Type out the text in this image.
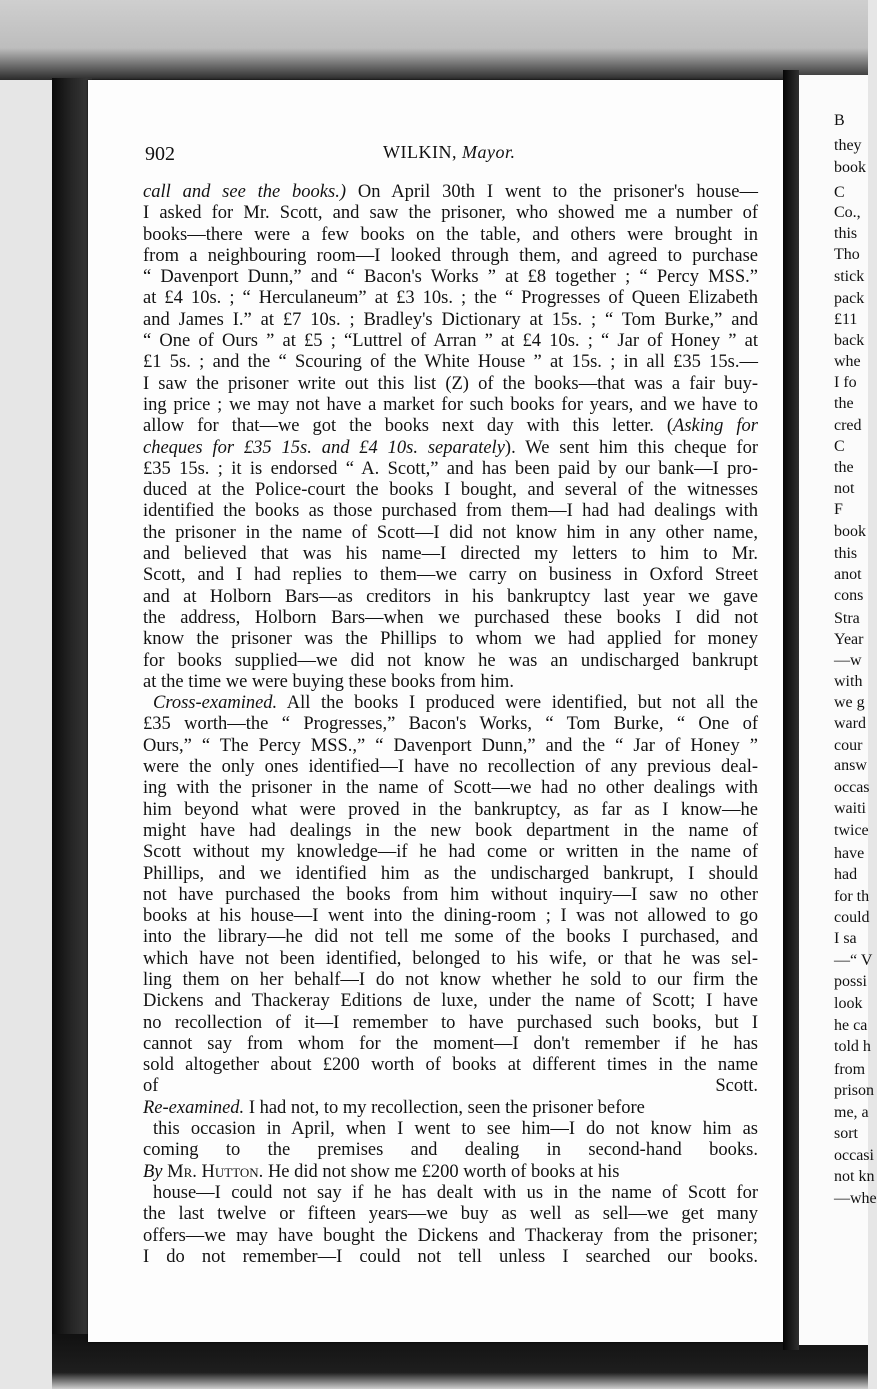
B
they
book
C
Co.,
this
Tho
stick
pack
£11
back
whe
I fo
the
cred
C
the
not
F
book
this
anot
cons
Stra
Year
—w
with
we g
ward
cour
answ
occas
waiti
twice
have
had
for th
could
I sa
—“ V
possi
look
he ca
told h
from
prison
me, a
sort
occasi
not kn
—whe
902	WILKIN, Mayor.
call and see the books.) On April 30th I went to the prisoner's house—
I asked for Mr. Scott, and saw the prisoner, who showed me a number of
books—there were a few books on the table, and others were brought in
from a neighbouring room—I looked through them, and agreed to purchase
“ Davenport Dunn,” and “ Bacon's Works ” at £8 together ; “ Percy MSS.”
at £4 10s. ; “ Herculaneum” at £3 10s. ; the “ Progresses of Queen Elizabeth
and James I.” at £7 10s. ; Bradley's Dictionary at 15s. ; “ Tom Burke,” and
“ One of Ours ” at £5 ; “Luttrel of Arran ” at £4 10s. ; “ Jar of Honey ” at
£1 5s. ; and the “ Scouring of the White House ” at 15s. ; in all £35 15s.—
I saw the prisoner write out this list (Z) of the books—that was a fair buy-
ing price ; we may not have a market for such books for years, and we have to
allow for that—we got the books next day with this letter. (Asking for
cheques for £35 15s. and £4 10s. separately). We sent him this cheque for
£35 15s. ; it is endorsed “ A. Scott,” and has been paid by our bank—I pro-
duced at the Police-court the books I bought, and several of the witnesses
identified the books as those purchased from them—I had had dealings with
the prisoner in the name of Scott—I did not know him in any other name,
and believed that was his name—I directed my letters to him to Mr.
Scott, and I had replies to them—we carry on business in Oxford Street
and at Holborn Bars—as creditors in his bankruptcy last year we gave
the address, Holborn Bars—when we purchased these books I did not
know the prisoner was the Phillips to whom we had applied for money
for books supplied—we did not know he was an undischarged bankrupt
at the time we were buying these books from him.
Cross-examined. All the books I produced were identified, but not all the
£35 worth—the “ Progresses,” Bacon's Works, “ Tom Burke, “ One of
Ours,” “ The Percy MSS.,” “ Davenport Dunn,” and the “ Jar of Honey ”
were the only ones identified—I have no recollection of any previous deal-
ing with the prisoner in the name of Scott—we had no other dealings with
him beyond what were proved in the bankruptcy, as far as I know—he
might have had dealings in the new book department in the name of
Scott without my knowledge—if he had come or written in the name of
Phillips, and we identified him as the undischarged bankrupt, I should
not have purchased the books from him without inquiry—I saw no other
books at his house—I went into the dining-room ; I was not allowed to go
into the library—he did not tell me some of the books I purchased, and
which have not been identified, belonged to his wife, or that he was sel-
ling them on her behalf—I do not know whether he sold to our firm the
Dickens and Thackeray Editions de luxe, under the name of Scott; I have
no recollection of it—I remember to have purchased such books, but I
cannot say from whom for the moment—I don't remember if he has
sold altogether about £200 worth of books at different times in the name
of Scott.
Re-examined. I had not, to my recollection, seen the prisoner before
this occasion in April, when I went to see him—I do not know him as
coming to the premises and dealing in second-hand books.
By Mr. Hutton. He did not show me £200 worth of books at his
house—I could not say if he has dealt with us in the name of Scott for
the last twelve or fifteen years—we buy as well as sell—we get many
offers—we may have bought the Dickens and Thackeray from the prisoner;
I do not remember—I could not tell unless I searched our books.
